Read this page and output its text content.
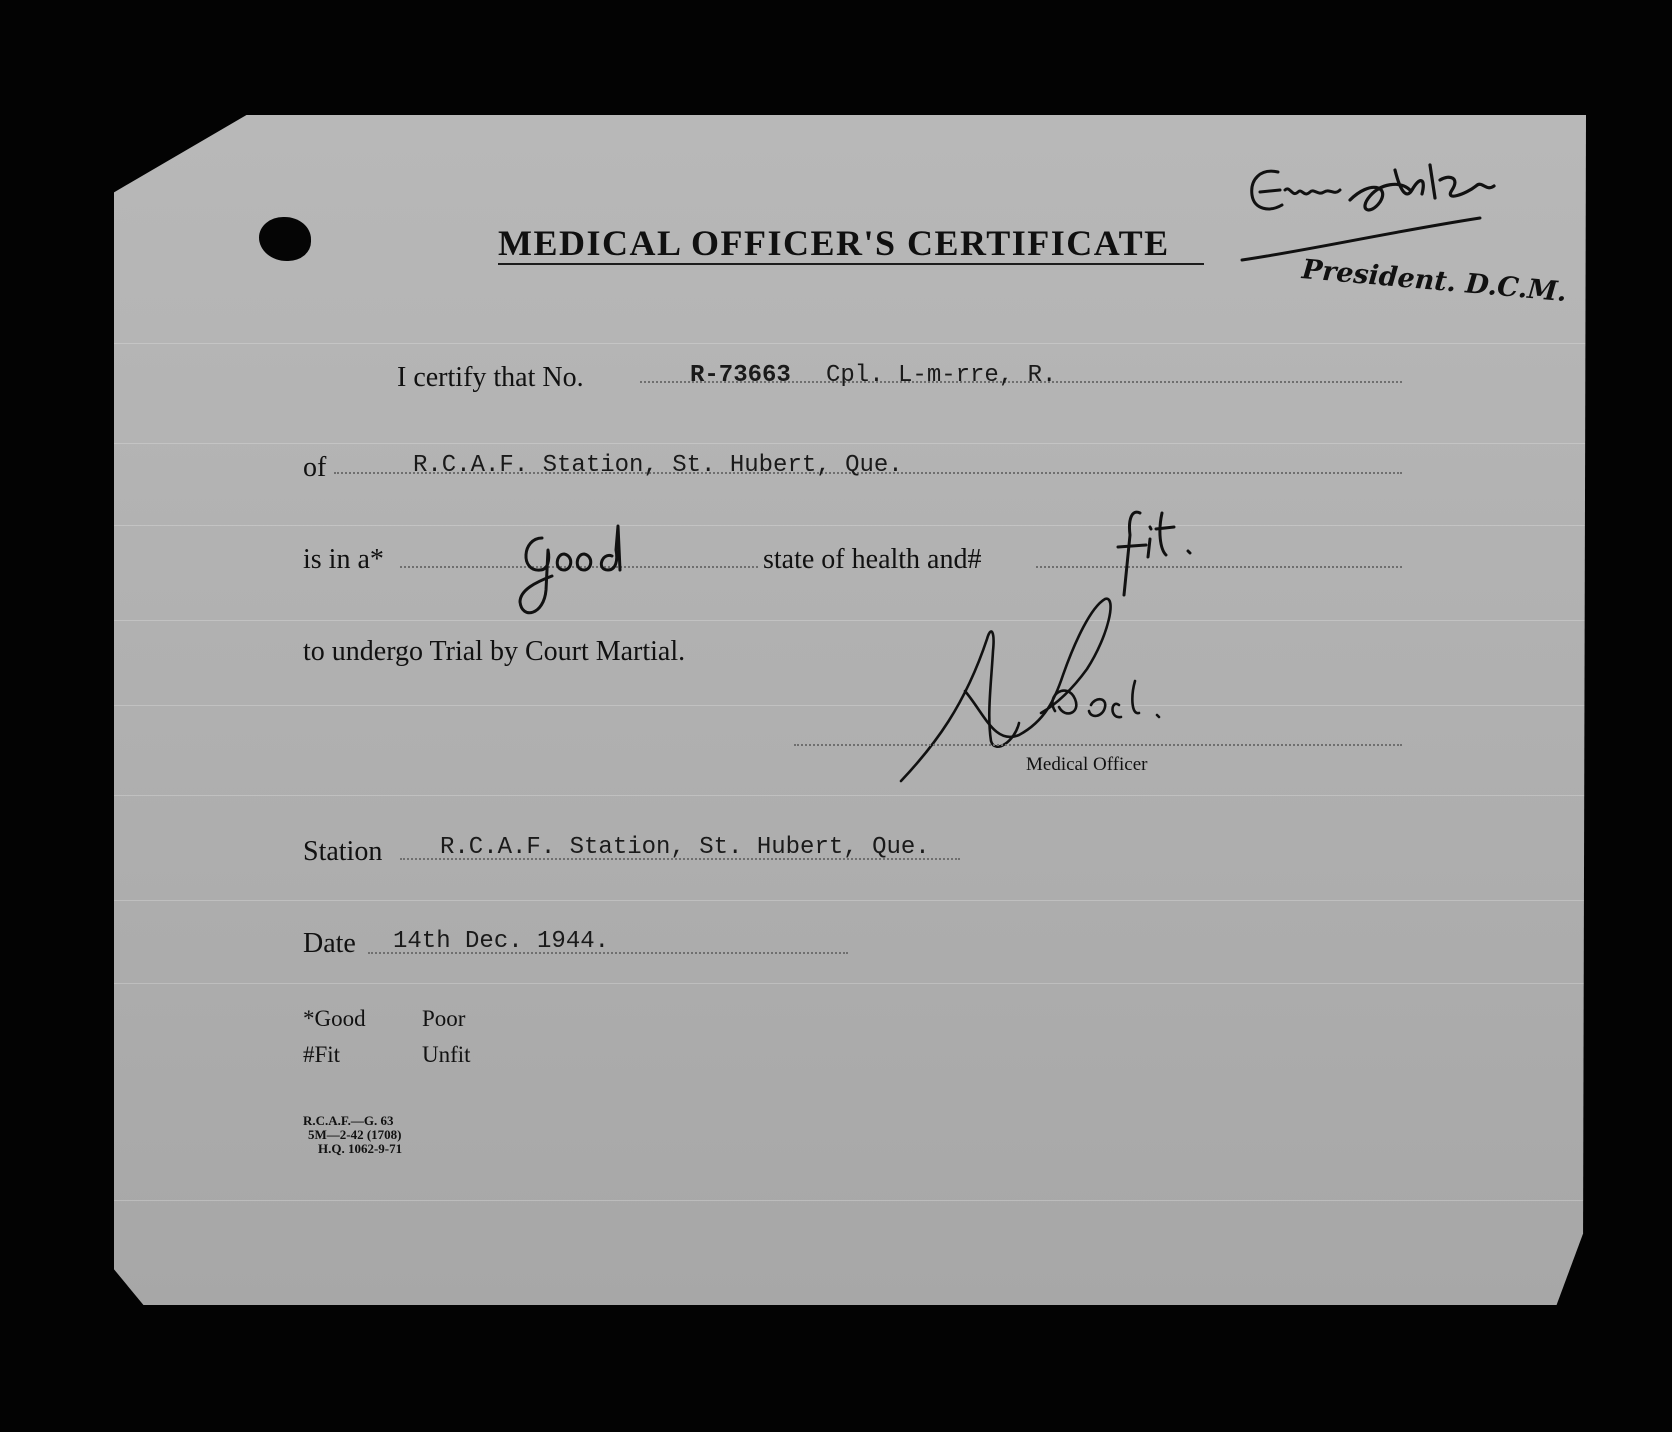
MEDICAL OFFICER'S CERTIFICATE
President. D.C.M.
I certify that No.	R-73663 Cpl. L-m-rre, R.
of	R.C.A.F. Station, St. Hubert, Que.
is in a*	state of health and#
to undergo Trial by Court Martial.
Medical Officer
Station R.C.A.F. Station, St. Hubert, Que.
Date 14th Dec. 1944.
*Good Poor
#Fit	Unfit
R.C.A.F.—G. 63
5M—2-42 (1708)
H.Q. 1062-9-71
